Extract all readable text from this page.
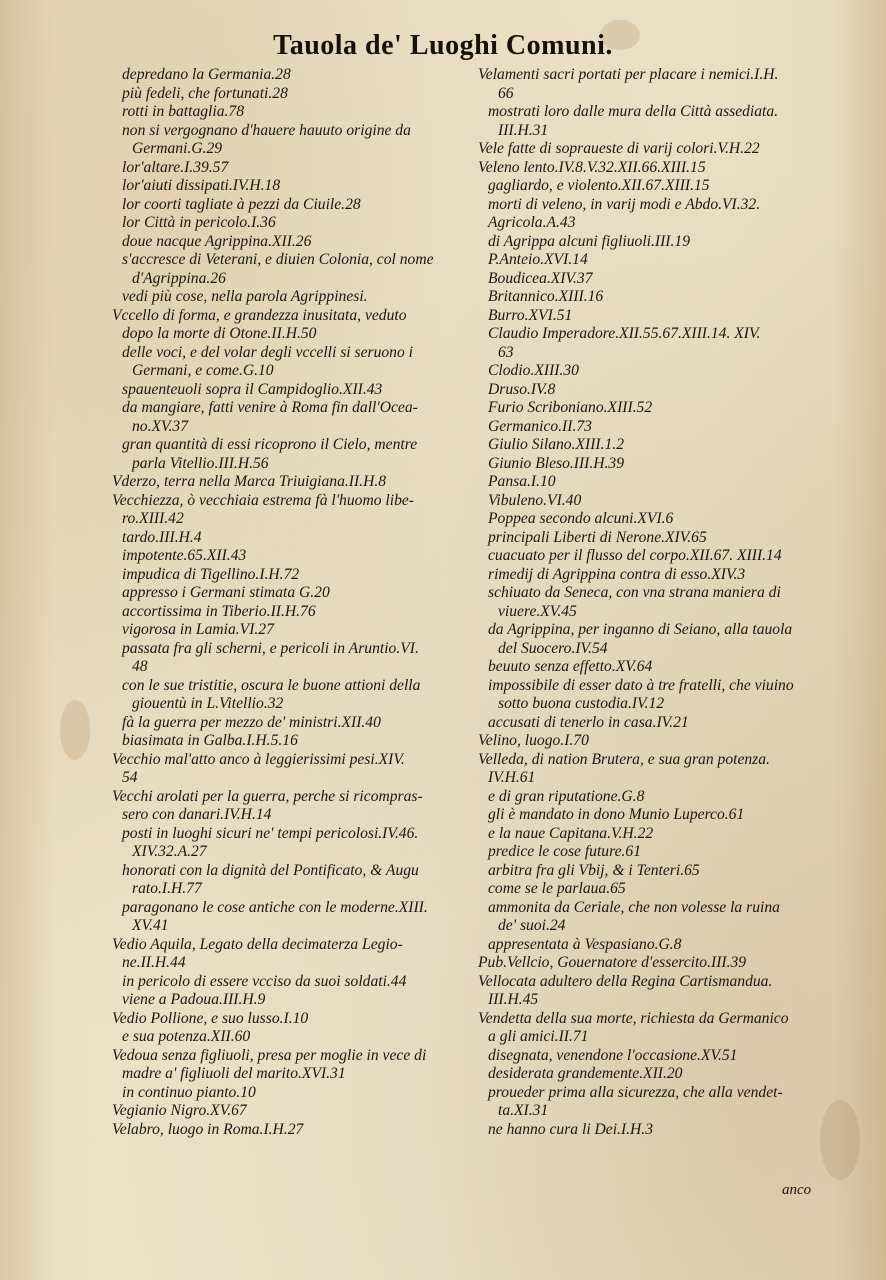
Tauola de' Luoghi Comuni.
depredano la Germania.28
più fedeli, che fortunati.28
rotti in battaglia.78
non si vergognano d'hauere hauuto origine da
Germani.G.29
lor'altare.I.39.57
lor'aiuti dissipati.IV.H.18
lor coorti tagliate à pezzi da Ciuile.28
lor Città in pericolo.I.36
doue nacque Agrippina.XII.26
s'accresce di Veterani, e diuien Colonia, col nome
d'Agrippina.26
vedi più cose, nella parola Agrippinesi.
Vccello di forma, e grandezza inusitata, veduto
dopo la morte di Otone.II.H.50
delle voci, e del volar degli vccelli si seruono i
Germani, e come.G.10
spauenteuoli sopra il Campidoglio.XII.43
da mangiare, fatti venire à Roma fin dall'Ocea-
no.XV.37
gran quantità di essi ricoprono il Cielo, mentre
parla Vitellio.III.H.56
Vderzo, terra nella Marca Triuigiana.II.H.8
Vecchiezza, ò vecchiaia estrema fà l'huomo libe-
ro.XIII.42
tardo.III.H.4
impotente.65.XII.43
impudica di Tigellino.I.H.72
appresso i Germani stimata G.20
accortissima in Tiberio.II.H.76
vigorosa in Lamia.VI.27
passata fra gli scherni, e pericoli in Aruntio.VI.
48
con le sue tristitie, oscura le buone attioni della
giouentù in L.Vitellio.32
fà la guerra per mezzo de' ministri.XII.40
biasimata in Galba.I.H.5.16
Vecchio mal'atto anco à leggierissimi pesi.XIV.
54
Vecchi arolati per la guerra, perche si ricompras-
sero con danari.IV.H.14
posti in luoghi sicuri ne' tempi pericolosi.IV.46.
XIV.32.A.27
honorati con la dignità del Pontificato, & Augu
rato.I.H.77
paragonano le cose antiche con le moderne.XIII.
XV.41
Vedio Aquila, Legato della decimaterza Legio-
ne.II.H.44
in pericolo di essere vcciso da suoi soldati.44
viene a Padoua.III.H.9
Vedio Pollione, e suo lusso.I.10
e sua potenza.XII.60
Vedoua senza figliuoli, presa per moglie in vece di
madre a' figliuoli del marito.XVI.31
in continuo pianto.10
Vegianio Nigro.XV.67
Velabro, luogo in Roma.I.H.27
Velamenti sacri portati per placare i nemici.I.H.
66
mostrati loro dalle mura della Città assediata.
III.H.31
Vele fatte di sopraueste di varij colori.V.H.22
Veleno lento.IV.8.V.32.XII.66.XIII.15
gagliardo, e violento.XII.67.XIII.15
morti di veleno, in varij modi e Abdo.VI.32.
Agricola.A.43
di Agrippa alcuni figliuoli.III.19
P.Anteio.XVI.14
Boudicea.XIV.37
Britannico.XIII.16
Burro.XVI.51
Claudio Imperadore.XII.55.67.XIII.14. XIV.
63
Clodio.XIII.30
Druso.IV.8
Furio Scriboniano.XIII.52
Germanico.II.73
Giulio Silano.XIII.1.2
Giunio Bleso.III.H.39
Pansa.I.10
Vibuleno.VI.40
Poppea secondo alcuni.XVI.6
principali Liberti di Nerone.XIV.65
cuacuato per il flusso del corpo.XII.67. XIII.14
rimedij di Agrippina contra di esso.XIV.3
schiuato da Seneca, con vna strana maniera di
viuere.XV.45
da Agrippina, per inganno di Seiano, alla tauola
del Suocero.IV.54
beuuto senza effetto.XV.64
impossibile di esser dato à tre fratelli, che viuino
sotto buona custodia.IV.12
accusati di tenerlo in casa.IV.21
Velino, luogo.I.70
Velleda, di nation Brutera, e sua gran potenza.
IV.H.61
e di gran riputatione.G.8
gli è mandato in dono Munio Luperco.61
e la naue Capitana.V.H.22
predice le cose future.61
arbitra fra gli Vbij, & i Tenteri.65
come se le parlaua.65
ammonita da Ceriale, che non volesse la ruina
de' suoi.24
appresentata à Vespasiano.G.8
Pub.Vellcio, Gouernatore d'essercito.III.39
Vellocata adultero della Regina Cartismandua.
III.H.45
Vendetta della sua morte, richiesta da Germanico
a gli amici.II.71
disegnata, venendone l'occasione.XV.51
desiderata grandemente.XII.20
proueder prima alla sicurezza, che alla vendet-
ta.XI.31
ne hanno cura li Dei.I.H.3
anco
